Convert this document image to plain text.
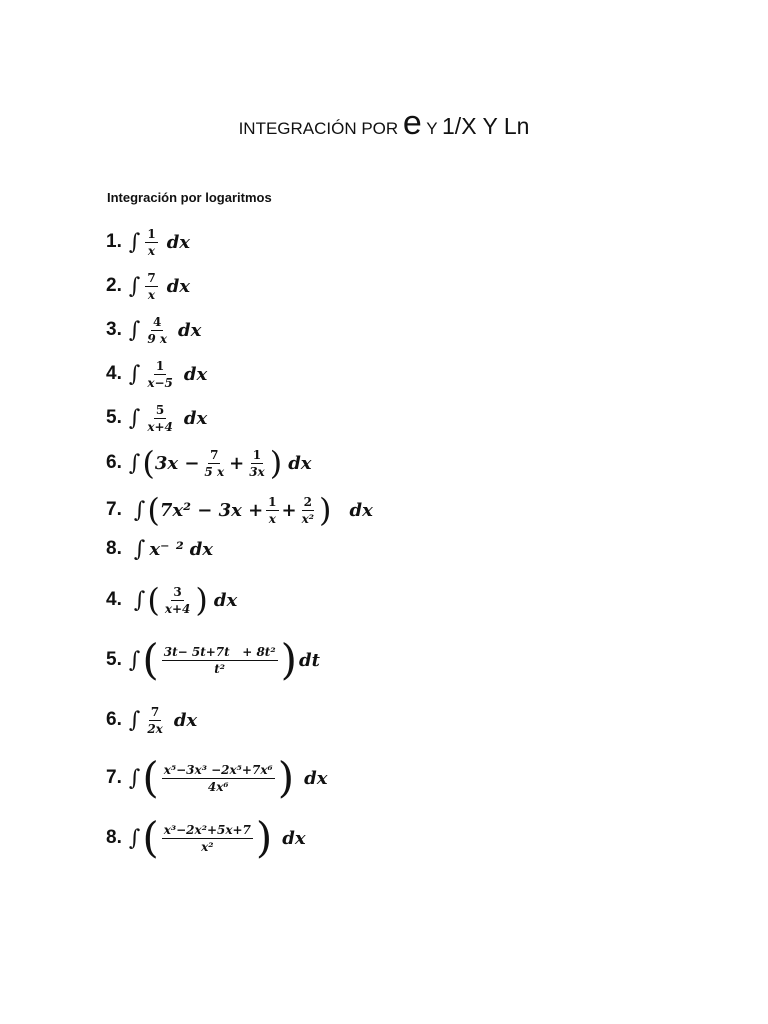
INTEGRACIÓN POR e Y 1/X Y Ln
Integración por logaritmos
1. ∫ $\frac{1}{x}$ dx
2. ∫ $\frac{7}{x}$ dx
3. ∫ $\frac{4}{9 x}$ dx
4. ∫ $\frac{1}{x-5}$ dx
5. ∫ $\frac{5}{x+4}$ dx
6. ∫ ( $3x - \frac{7}{5 x} + \frac{1}{3x}$ ) dx
7. ∫ ( $7x^2 - 3x + \frac{1}{x} + \frac{2}{\text{x²}}$ ) dx
8. ∫ x⁻ ² dx
4. ∫ ( $\frac{3}{x+4}$ ) dx
5. ∫ ( $\frac{\text{3t− 5t+7t   + 8t²}}{\text{t²}}$ ) dt
6. ∫ $\frac{7}{2x}$ dx
7. ∫ ( $\frac{\text{x⁵−3x³ −2x⁵+7x⁶}}{\text{4x⁶}}$ ) dx
8. ∫ ( $\frac{\text{x³−2x²+5x+7}}{\text{x²}}$ ) dx
